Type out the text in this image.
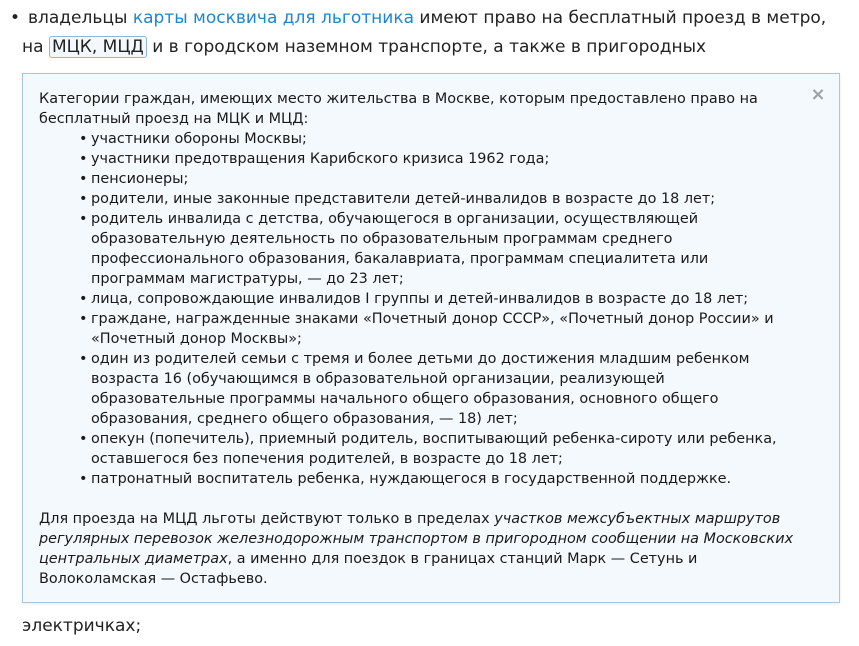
• владельцы карты москвича для льготника имеют право на бесплатный проезд в метро,
на МЦК, МЦД и в городском наземном транспорте, а также в пригородных
×

Категории граждан, имеющих место жительства в Москве, которым предоставлено право на бесплатный проезд на МЦК и МЦД:

• участники обороны Москвы;
• участники предотвращения Карибского кризиса 1962 года;
• пенсионеры;
• родители, иные законные представители детей-инвалидов в возрасте до 18 лет;
• родитель инвалида с детства, обучающегося в организации, осуществляющей образовательную деятельность по образовательным программам среднего профессионального образования, бакалавриата, программам специалитета или программам магистратуры, — до 23 лет;
• лица, сопровождающие инвалидов I группы и детей-инвалидов в возрасте до 18 лет;
• граждане, награжденные знаками «Почетный донор СССР», «Почетный донор России» и «Почетный донор Москвы»;
• один из родителей семьи с тремя и более детьми до достижения младшим ребенком возраста 16 (обучающимся в образовательной организации, реализующей образовательные программы начального общего образования, основного общего образования, среднего общего образования, — 18) лет;
• опекун (попечитель), приемный родитель, воспитывающий ребенка-сироту или ребенка, оставшегося без попечения родителей, в возрасте до 18 лет;
• патронатный воспитатель ребенка, нуждающегося в государственной поддержке.

Для проезда на МЦД льготы действуют только в пределах участков межсубъектных маршрутов регулярных перевозок железнодорожным транспортом в пригородном сообщении на Московских центральных диаметрах, а именно для поездок в границах станций Марк — Сетунь и Волоколамская — Остафьево.

электричках;
